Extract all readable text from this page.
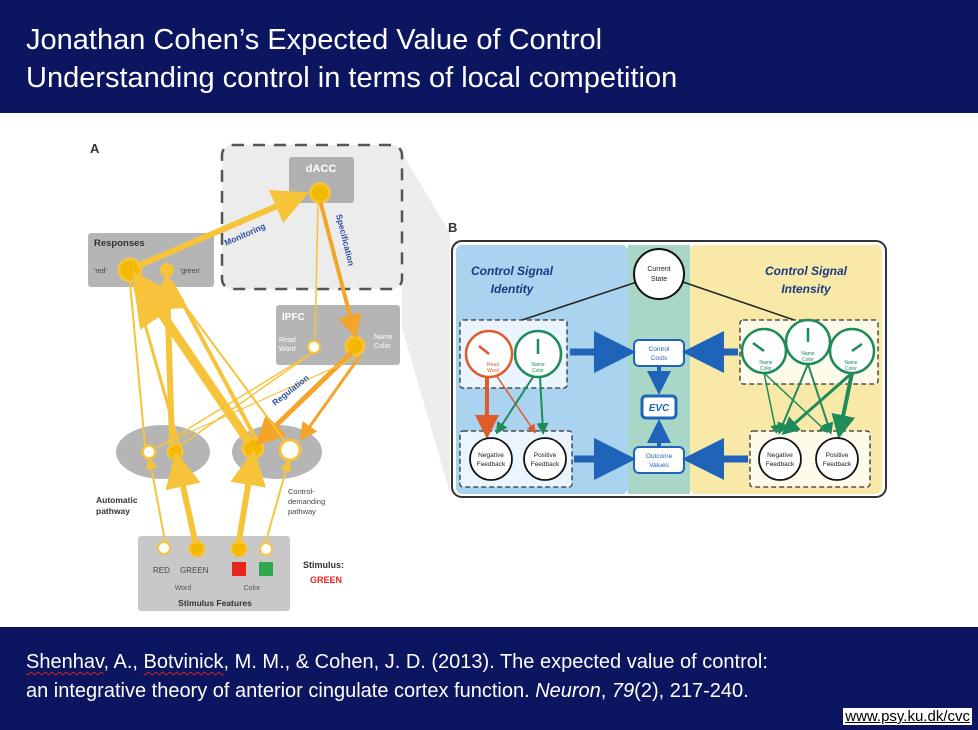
Jonathan Cohen’s Expected Value of Control
Understanding control in terms of local competition
A
dACC
Responses
'red'	'green'
lPFC
Read
Word
Name
Color
Automatic
pathway
Control-
demanding
pathway
RED GREEN
Word	Color
Stimulus Features
Stimulus:
GREEN
Monitoring	Specification
Regulation
B
Control Signal
Identity
Control Signal
Intensity
Current
State
Read
Word
Name
Color
Name
Color
Name
Color	Name
Color
Negative
Feedback
Positive
Feedback
Negative
Feedback
Positive
Feedback
Control
Costs
EVC
Outcome
Values
Shenhav, A., Botvinick, M. M., & Cohen, J. D. (2013). The expected value of control:
an integrative theory of anterior cingulate cortex function. Neuron, 79(2), 217-240.
www.psy.ku.dk/cvc
